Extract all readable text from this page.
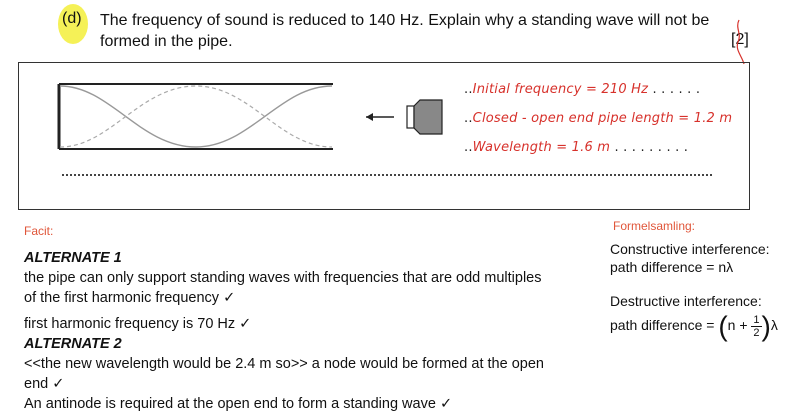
(d) The frequency of sound is reduced to 140 Hz. Explain why a standing wave will not be
formed in the pipe.	[2]
..Initial frequency = 210 Hz . . . . . .
..Closed - open end pipe length = 1.2 m
..Wavelength = 1.6 m . . . . . . . . .
Facit:

ALTERNATE 1

the pipe can only support standing waves with frequencies that are odd multiples

of the first harmonic frequency ✓

first harmonic frequency is 70 Hz ✓

ALTERNATE 2

<<the new wavelength would be 2.4 m so>> a node would be formed at the open

end ✓

An antinode is required at the open end to form a standing wave ✓

Formelsamling:

Constructive interference:

path difference = nλ

Destructive interference:

path difference = $(n + \frac{1}{2} )\lambda$
